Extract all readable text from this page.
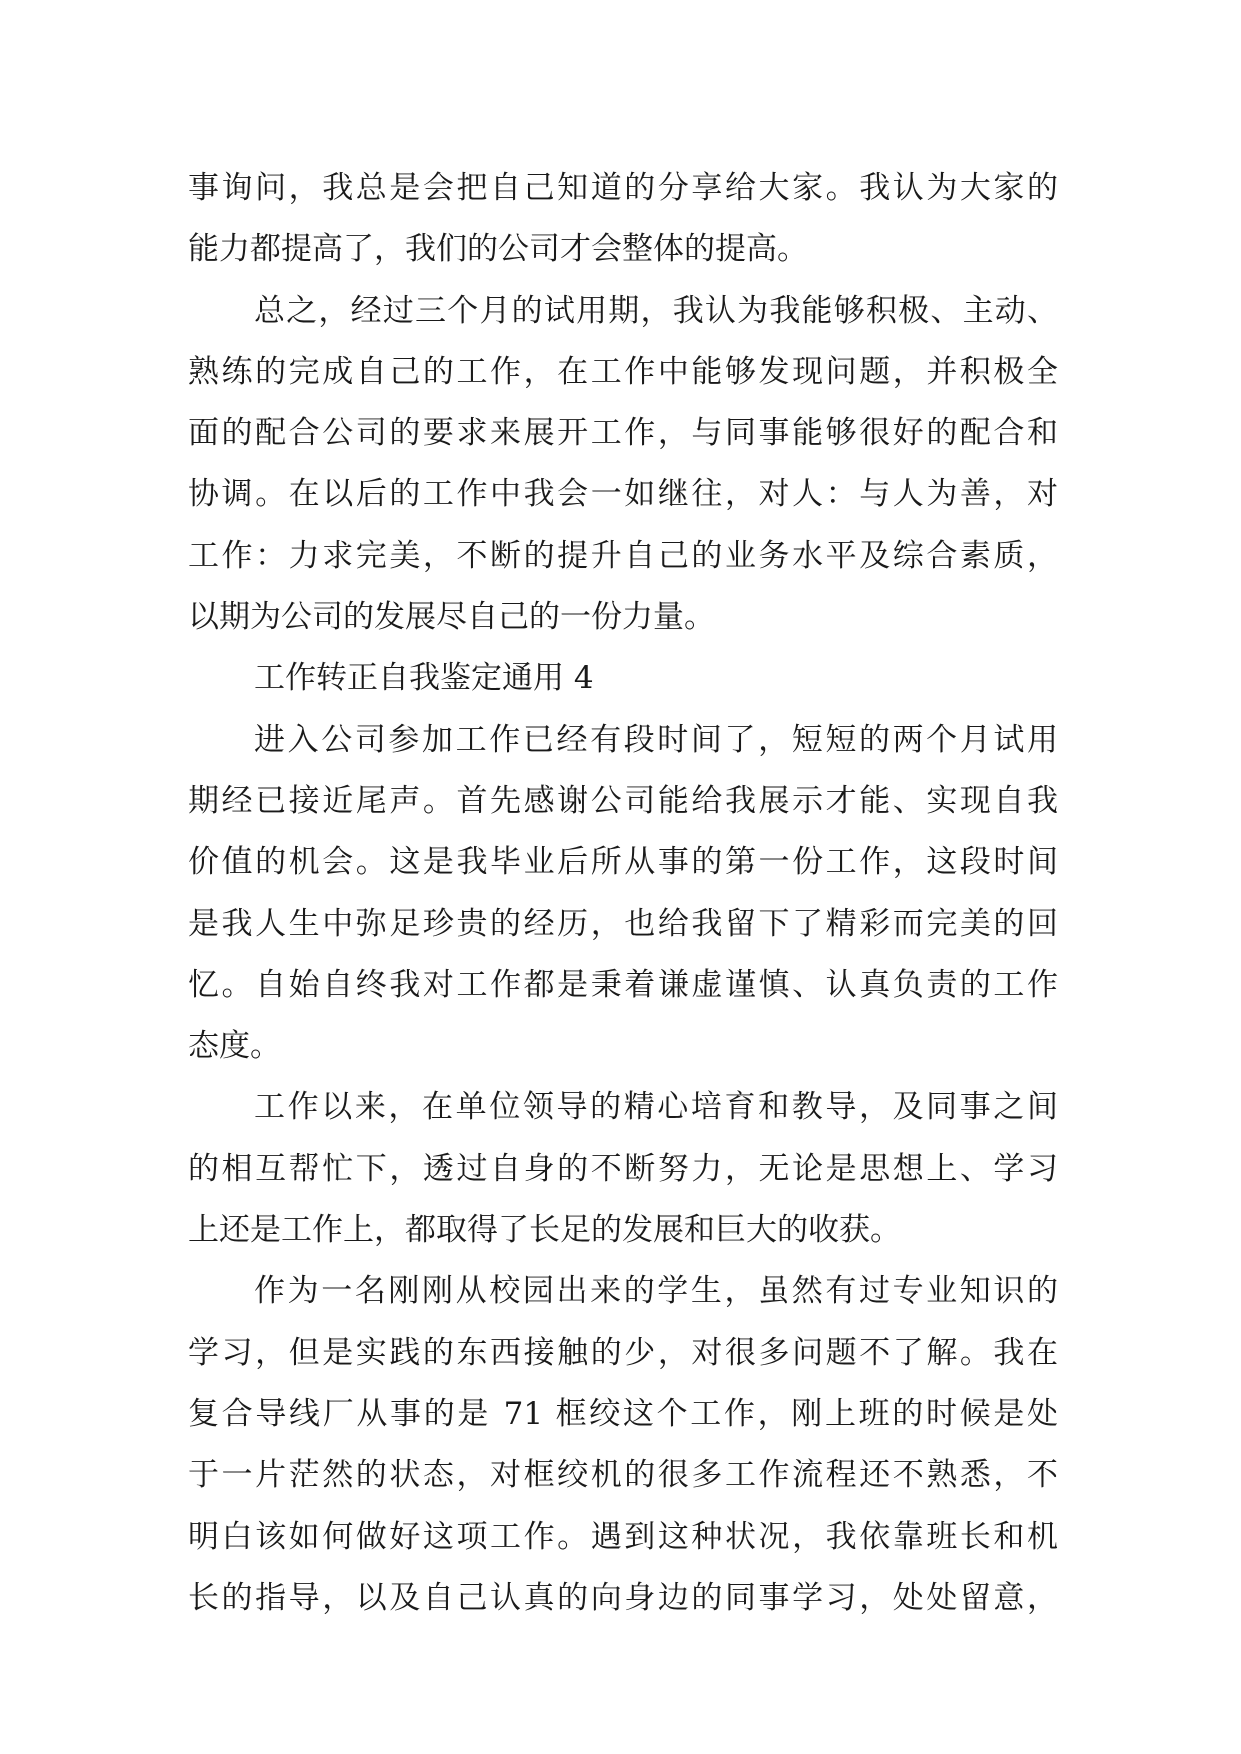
事询问，我总是会把自己知道的分享给大家。我认为大家的
能力都提高了，我们的公司才会整体的提高。
总之，经过三个月的试用期，我认为我能够积极、主动、
熟练的完成自己的工作，在工作中能够发现问题，并积极全
面的配合公司的要求来展开工作，与同事能够很好的配合和
协调。在以后的工作中我会一如继往，对人：与人为善，对
工作：力求完美，不断的提升自己的业务水平及综合素质，
以期为公司的发展尽自己的一份力量。
工作转正自我鉴定通用 4
进入公司参加工作已经有段时间了，短短的两个月试用
期经已接近尾声。首先感谢公司能给我展示才能、实现自我
价值的机会。这是我毕业后所从事的第一份工作，这段时间
是我人生中弥足珍贵的经历，也给我留下了精彩而完美的回
忆。自始自终我对工作都是秉着谦虚谨慎、认真负责的工作
态度。
工作以来，在单位领导的精心培育和教导，及同事之间
的相互帮忙下，透过自身的不断努力，无论是思想上、学习
上还是工作上，都取得了长足的发展和巨大的收获。
作为一名刚刚从校园出来的学生，虽然有过专业知识的
学习，但是实践的东西接触的少，对很多问题不了解。我在
复合导线厂从事的是 71 框绞这个工作，刚上班的时候是处
于一片茫然的状态，对框绞机的很多工作流程还不熟悉，不
明白该如何做好这项工作。遇到这种状况，我依靠班长和机
长的指导，以及自己认真的向身边的同事学习，处处留意，
